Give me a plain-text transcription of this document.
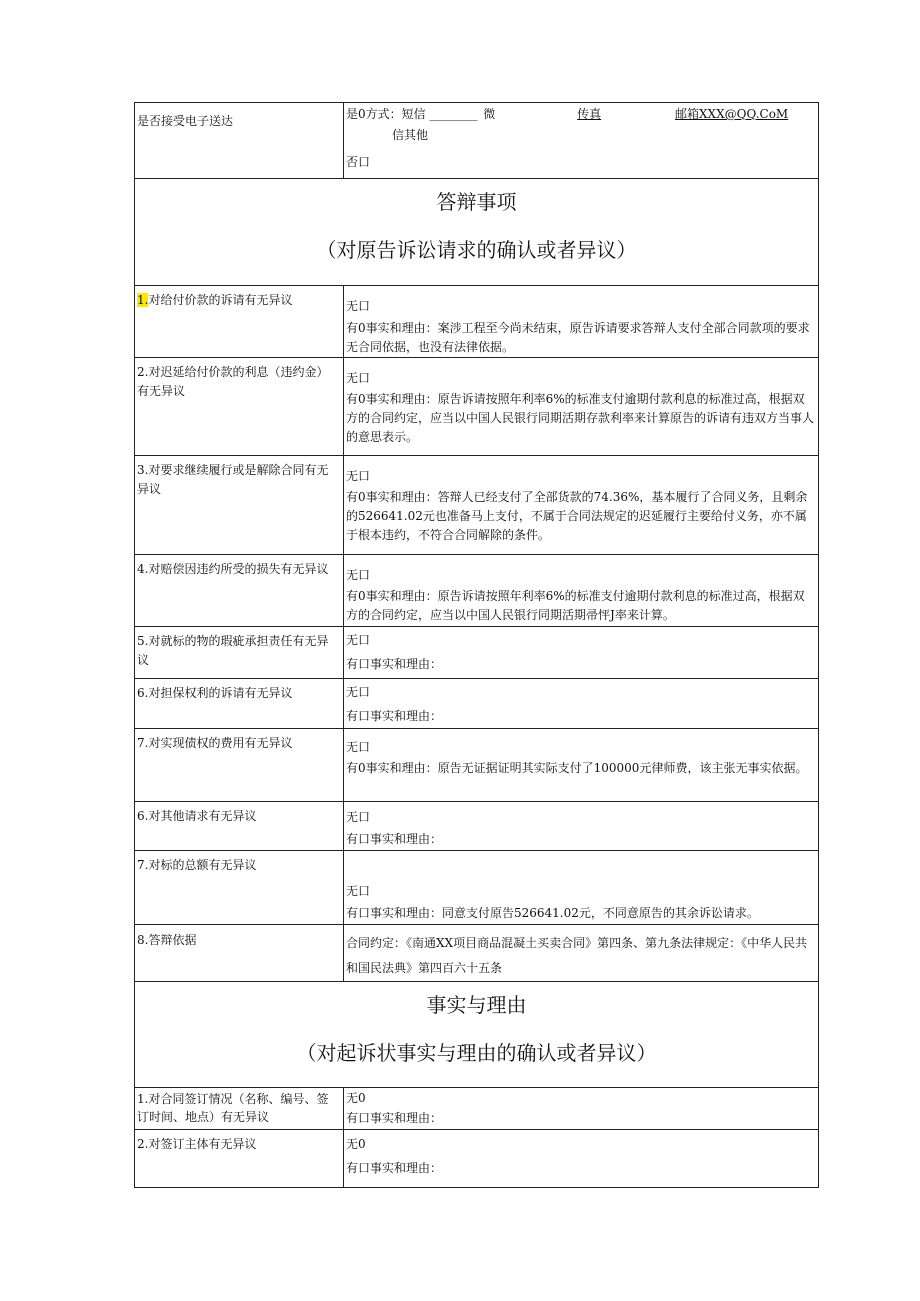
是否接受电子送达	是0方式：短信 ________ 微 传真 邮箱XXX@QQ.CoM
信其他
否口

答辩事项
（对原告诉讼请求的确认或者异议）	

1.对给付价款的诉请有无异议	无口
有0事实和理由：案涉工程至今尚未结束，原告诉请要求答辩人支付全部合同款项的要求无合同依据，也没有法律依据。

2.对迟延给付价款的利息（违约金）有无异议	无口
有0事实和理由：原告诉请按照年利率6%的标准支付逾期付款利息的标准过高，根据双方的合同约定，应当以中国人民银行同期活期存款利率来计算原告的诉请有违双方当事人的意思表示。

3.对要求继续履行或是解除合同有无异议	无口
有0事实和理由：答辩人已经支付了全部货款的74.36%，基本履行了合同义务，且剩余的526641.02元也准备马上支付，不属于合同法规定的迟延履行主要给付义务，亦不属于根本违约，不符合合同解除的条件。

4.对赔偿因违约所受的损失有无异议	无口
有0事实和理由：原告诉请按照年利率6%的标准支付逾期付款利息的标准过高，根据双方的合同约定，应当以中国人民银行同期活期帚怦J率来计算。

5.对就标的物的瑕疵承担责任有无异议	无口
有口事实和理由：

6.对担保权利的诉请有无异议	无口
有口事实和理由：

7.对实现债权的费用有无异议	无口
有0事实和理由：原告无证据证明其实际支付了100000元律师费，该主张无事实依据。

6.对其他请求有无异议	无口
有口事实和理由：

7.对标的总额有无异议	无口
有口事实和理由：同意支付原告526641.02元，不同意原告的其余诉讼请求。

8.答辩依据	合同约定：《南通XX项目商品混凝土买卖合同》第四条、第九条法律规定：《中华人民共和国民法典》第四百六十五条

事实与理由
（对起诉状事实与理由的确认或者异议）	

1.对合同签订情况（名称、编号、签订时间、地点）有无异议	无0
有口事实和理由：

2.对签订主体有无异议	无0
有口事实和理由：
